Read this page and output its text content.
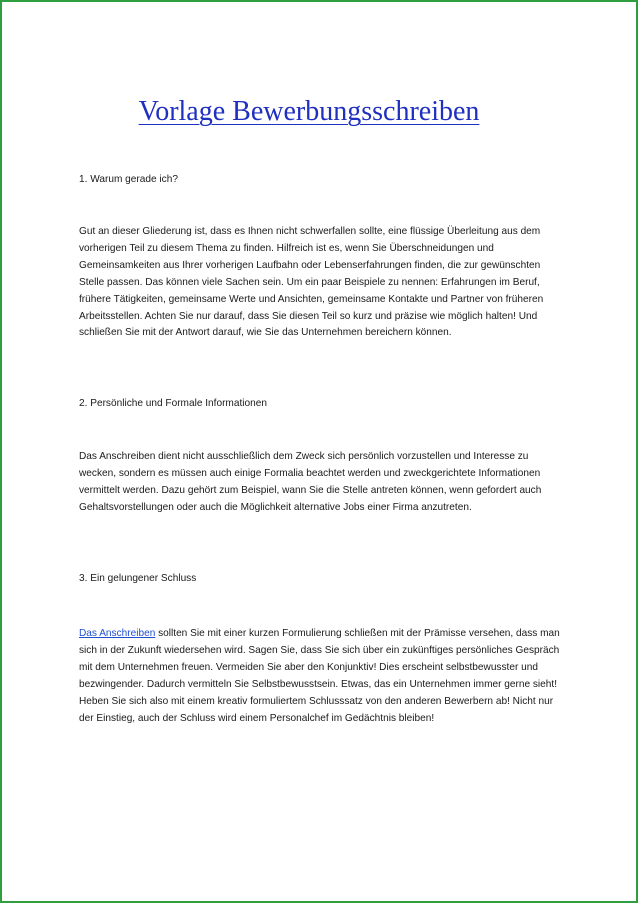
Vorlage Bewerbungsschreiben
1. Warum gerade ich?

Gut an dieser Gliederung ist, dass es Ihnen nicht schwerfallen sollte, eine flüssige Überleitung aus dem vorherigen Teil zu diesem Thema zu finden. Hilfreich ist es, wenn Sie Überschneidungen und Gemeinsamkeiten aus Ihrer vorherigen Laufbahn oder Lebenserfahrungen finden, die zur gewünschten Stelle passen. Das können viele Sachen sein. Um ein paar Beispiele zu nennen: Erfahrungen im Beruf, frühere Tätigkeiten, gemeinsame Werte und Ansichten, gemeinsame Kontakte und Partner von früheren Arbeitsstellen. Achten Sie nur darauf, dass Sie diesen Teil so kurz und präzise wie möglich halten! Und schließen Sie mit der Antwort darauf, wie Sie das Unternehmen bereichern können.

2. Persönliche und Formale Informationen

Das Anschreiben dient nicht ausschließlich dem Zweck sich persönlich vorzustellen und Interesse zu wecken, sondern es müssen auch einige Formalia beachtet werden und zweckgerichtete Informationen vermittelt werden. Dazu gehört zum Beispiel, wann Sie die Stelle antreten können, wenn gefordert auch Gehaltsvorstellungen oder auch die Möglichkeit alternative Jobs einer Firma anzutreten.

3. Ein gelungener Schluss

Das Anschreiben sollten Sie mit einer kurzen Formulierung schließen mit der Prämisse versehen, dass man sich in der Zukunft wiedersehen wird. Sagen Sie, dass Sie sich über ein zukünftiges persönliches Gespräch mit dem Unternehmen freuen. Vermeiden Sie aber den Konjunktiv! Dies erscheint selbstbewusster und bezwingender. Dadurch vermitteln Sie Selbstbewusstsein. Etwas, das ein Unternehmen immer gerne sieht! Heben Sie sich also mit einem kreativ formuliertem Schlusssatz von den anderen Bewerbern ab! Nicht nur der Einstieg, auch der Schluss wird einem Personalchef im Gedächtnis bleiben!
